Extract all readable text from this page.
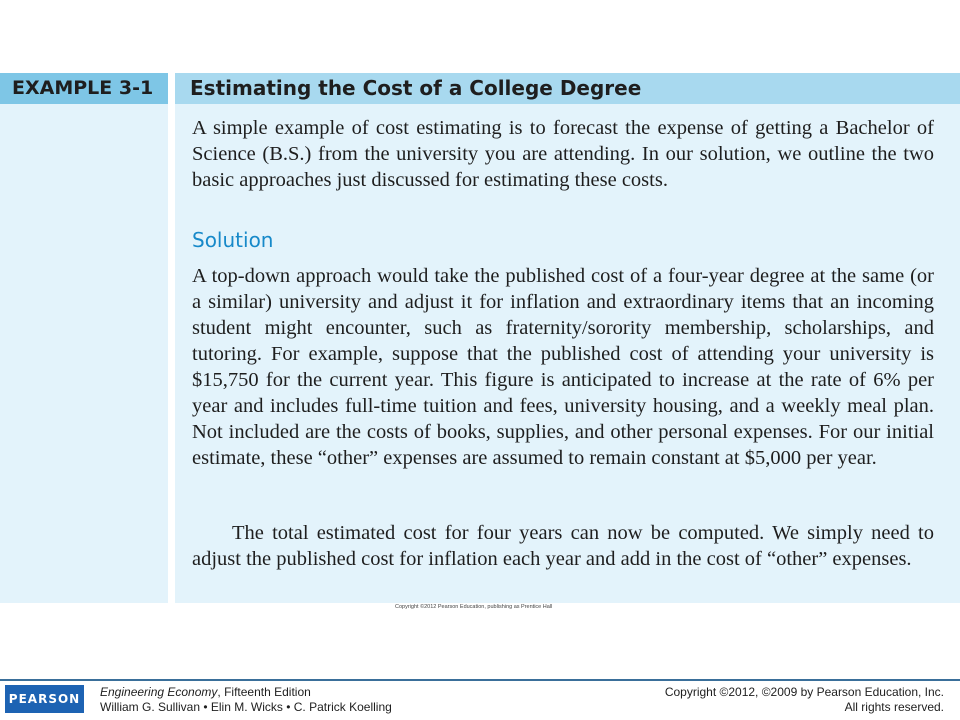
EXAMPLE 3-1 Estimating the Cost of a College Degree
A simple example of cost estimating is to forecast the expense of getting a Bachelor of Science (B.S.) from the university you are attending. In our solution, we outline the two basic approaches just discussed for estimating these costs.
Solution
A top-down approach would take the published cost of a four-year degree at the same (or a similar) university and adjust it for inflation and extraordinary items that an incoming student might encounter, such as fraternity/sorority membership, scholarships, and tutoring. For example, suppose that the published cost of attending your university is $15,750 for the current year. This figure is anticipated to increase at the rate of 6% per year and includes full-time tuition and fees, university housing, and a weekly meal plan. Not included are the costs of books, supplies, and other personal expenses. For our initial estimate, these “other” expenses are assumed to remain constant at $5,000 per year.
The total estimated cost for four years can now be computed. We simply need to adjust the published cost for inflation each year and add in the cost of “other” expenses.
Copyright ©2012 Pearson Education, publishing as Prentice Hall
PEARSON Engineering Economy, Fifteenth Edition
William G. Sullivan • Elin M. Wicks • C. Patrick Koelling
Copyright ©2012, ©2009 by Pearson Education, Inc.
All rights reserved.
